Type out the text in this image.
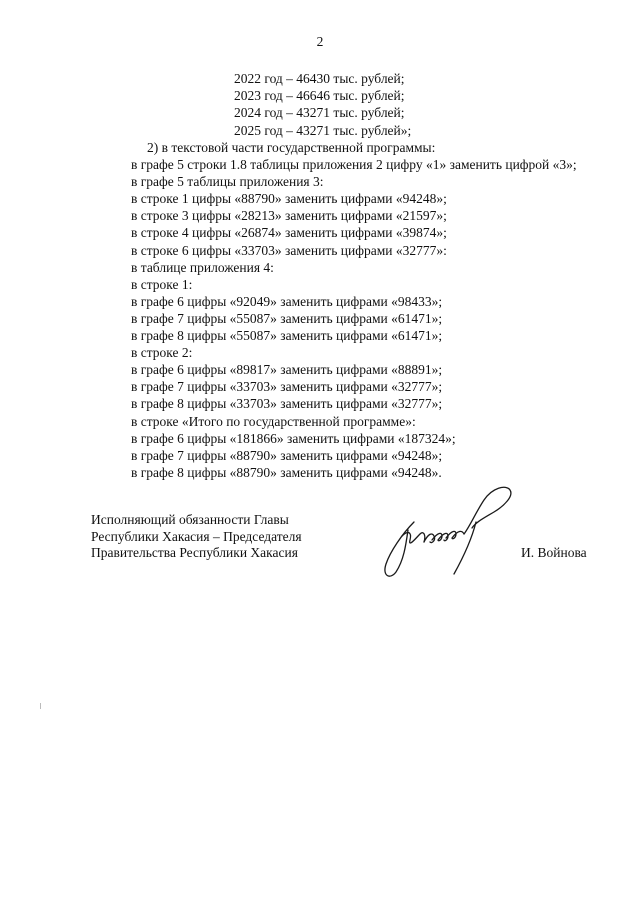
2
2022 год – 46430 тыс. рублей;
2023 год – 46646 тыс. рублей;
2024 год – 43271 тыс. рублей;
2025 год – 43271 тыс. рублей»;
2) в текстовой части государственной программы:
в графе 5 строки 1.8 таблицы приложения 2 цифру «1» заменить цифрой «3»;
в графе 5 таблицы приложения 3:
в строке 1 цифры «88790» заменить цифрами «94248»;
в строке 3 цифры «28213» заменить цифрами «21597»;
в строке 4 цифры «26874» заменить цифрами «39874»;
в строке 6 цифры «33703» заменить цифрами «32777»:
в таблице приложения 4:
в строке 1:
в графе 6 цифры «92049» заменить цифрами «98433»;
в графе 7 цифры «55087» заменить цифрами «61471»;
в графе 8 цифры «55087» заменить цифрами «61471»;
в строке 2:
в графе 6 цифры «89817» заменить цифрами «88891»;
в графе 7 цифры «33703» заменить цифрами «32777»;
в графе 8 цифры «33703» заменить цифрами «32777»;
в строке «Итого по государственной программе»:
в графе 6 цифры «181866» заменить цифрами «187324»;
в графе 7 цифры «88790» заменить цифрами «94248»;
в графе 8 цифры «88790» заменить цифрами «94248».
Исполняющий обязанности Главы
Республики Хакасия – Председателя
Правительства Республики Хакасия	И. Войнова
